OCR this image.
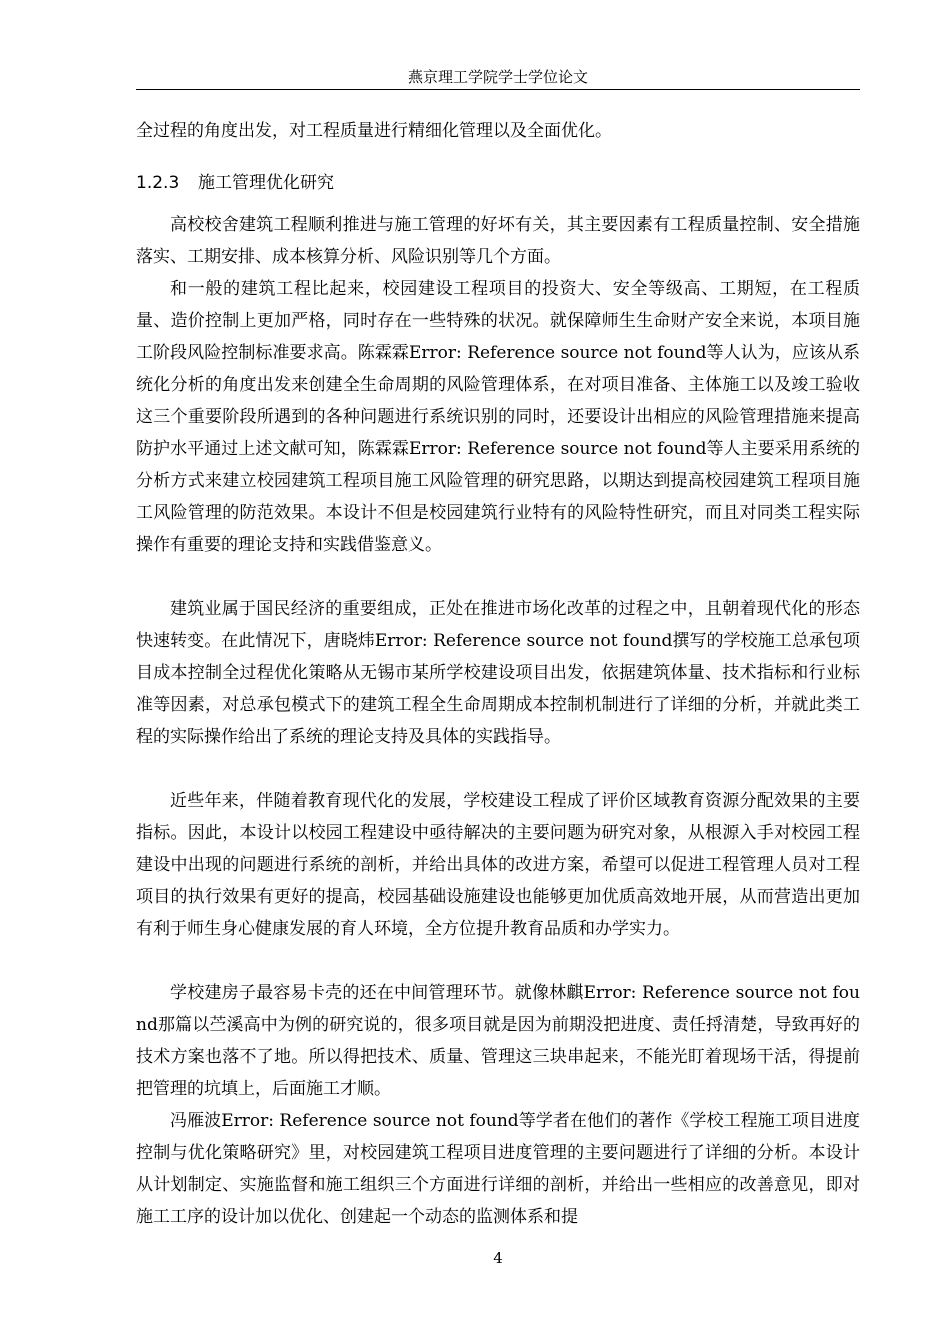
燕京理工学院学士学位论文

全过程的角度出发，对工程质量进行精细化管理以及全面优化。

1.2.3 施工管理优化研究

高校校舍建筑工程顺利推进与施工管理的好坏有关，其主要因素有工程质量控制、安全措施落实、工期安排、成本核算分析、风险识别等几个方面。

和一般的建筑工程比起来，校园建设工程项目的投资大、安全等级高、工期短，在工程质量、造价控制上更加严格，同时存在一些特殊的状况。就保障师生生命财产安全来说，本项目施工阶段风险控制标准要求高。陈霖霖Error: Reference source not found等人认为，应该从系统化分析的角度出发来创建全生命周期的风险管理体系，在对项目准备、主体施工以及竣工验收这三个重要阶段所遇到的各种问题进行系统识别的同时，还要设计出相应的风险管理措施来提高防护水平通过上述文献可知，陈霖霖Error: Reference source not found等人主要采用系统的分析方式来建立校园建筑工程项目施工风险管理的研究思路，以期达到提高校园建筑工程项目施工风险管理的防范效果。本设计不但是校园建筑行业特有的风险特性研究，而且对同类工程实际操作有重要的理论支持和实践借鉴意义。

建筑业属于国民经济的重要组成，正处在推进市场化改革的过程之中，且朝着现代化的形态快速转变。在此情况下，唐晓炜Error: Reference source not found撰写的学校施工总承包项目成本控制全过程优化策略从无锡市某所学校建设项目出发，依据建筑体量、技术指标和行业标准等因素，对总承包模式下的建筑工程全生命周期成本控制机制进行了详细的分析，并就此类工程的实际操作给出了系统的理论支持及具体的实践指导。

近些年来，伴随着教育现代化的发展，学校建设工程成了评价区域教育资源分配效果的主要指标。因此，本设计以校园工程建设中亟待解决的主要问题为研究对象，从根源入手对校园工程建设中出现的问题进行系统的剖析，并给出具体的改进方案，希望可以促进工程管理人员对工程项目的执行效果有更好的提高，校园基础设施建设也能够更加优质高效地开展，从而营造出更加有利于师生身心健康发展的育人环境，全方位提升教育品质和办学实力。

学校建房子最容易卡壳的还在中间管理环节。就像林麒Error: Reference source not found那篇以苎溪高中为例的研究说的，很多项目就是因为前期没把进度、责任捋清楚，导致再好的技术方案也落不了地。所以得把技术、质量、管理这三块串起来，不能光盯着现场干活，得提前把管理的坑填上，后面施工才顺。

冯雁波Error: Reference source not found等学者在他们的著作《学校工程施工项目进度控制与优化策略研究》里，对校园建筑工程项目进度管理的主要问题进行了详细的分析。本设计从计划制定、实施监督和施工组织三个方面进行详细的剖析，并给出一些相应的改善意见，即对施工工序的设计加以优化、创建起一个动态的监测体系和提

4
